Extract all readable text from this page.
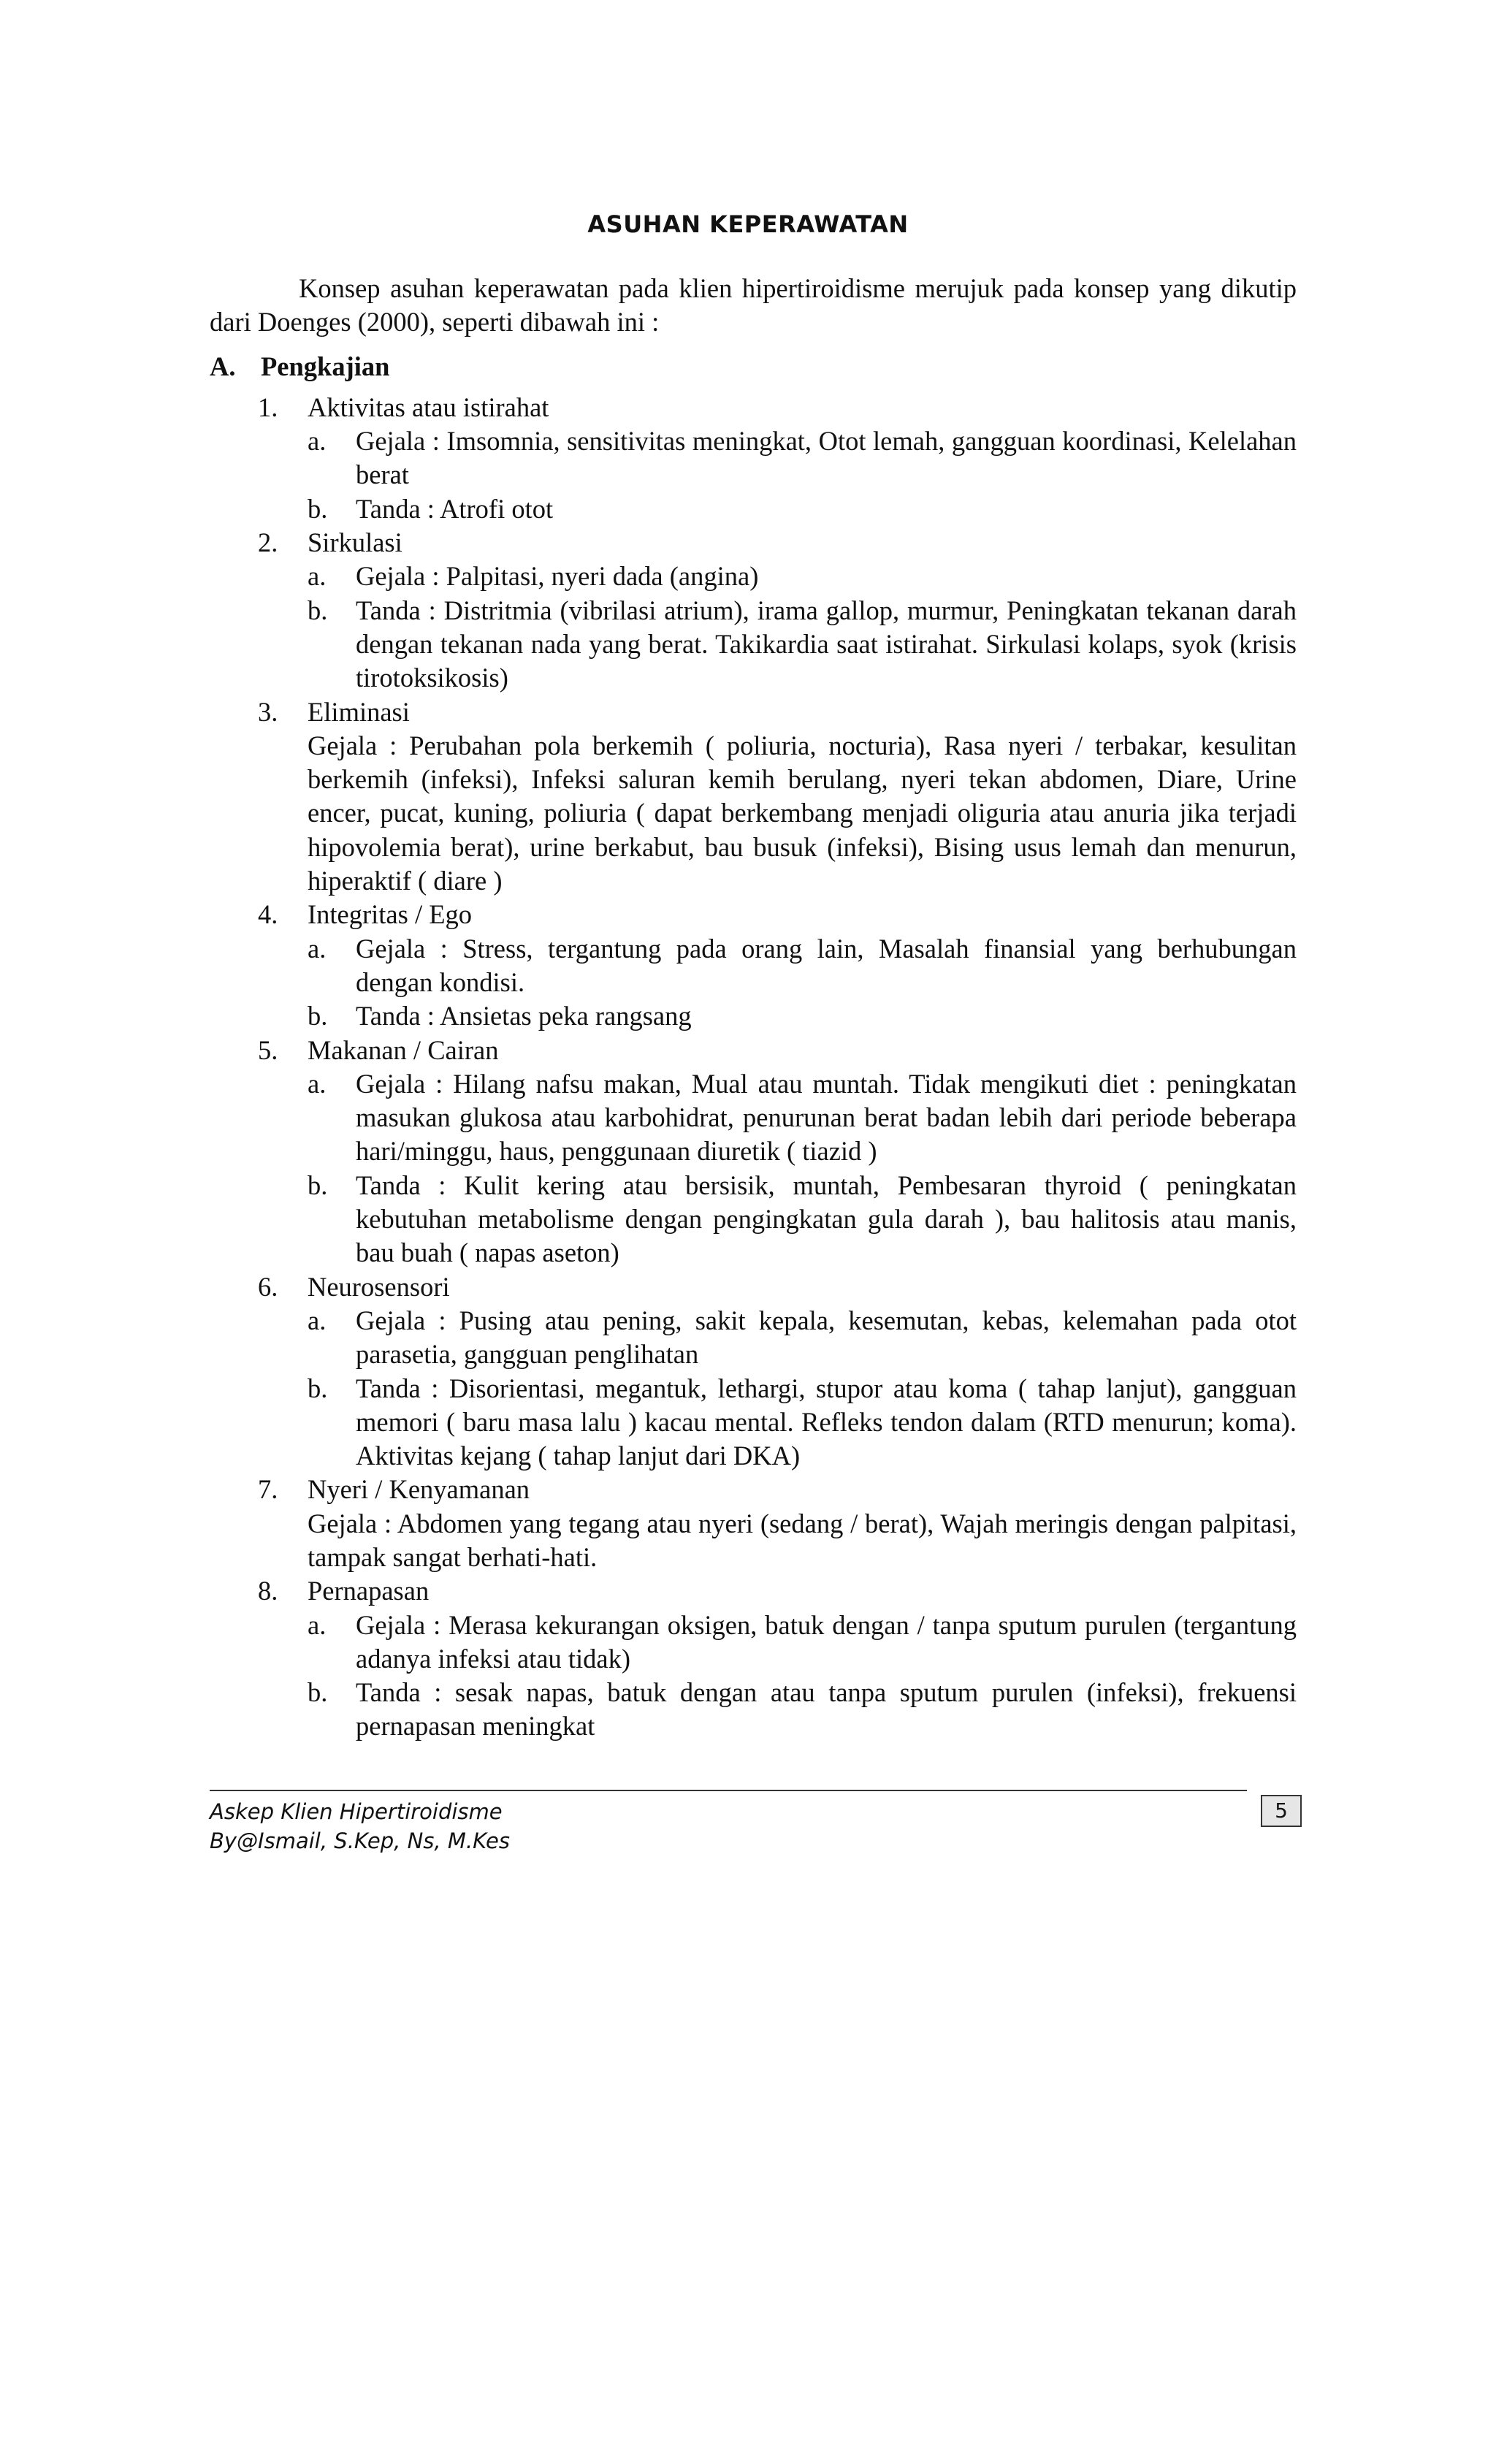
ASUHAN KEPERAWATAN

Konsep asuhan keperawatan pada klien hipertiroidisme merujuk pada konsep yang dikutip dari Doenges (2000), seperti dibawah ini :

A. Pengkajian
1. Aktivitas atau istirahat
a. Gejala : Imsomnia, sensitivitas meningkat, Otot lemah, gangguan koordinasi, Kelelahan berat
b. Tanda : Atrofi otot
2. Sirkulasi
a. Gejala : Palpitasi, nyeri dada (angina)
b. Tanda : Distritmia (vibrilasi atrium), irama gallop, murmur, Peningkatan tekanan darah dengan tekanan nada yang berat. Takikardia saat istirahat. Sirkulasi kolaps, syok (krisis tirotoksikosis)
3. Eliminasi
Gejala : Perubahan pola berkemih ( poliuria, nocturia), Rasa nyeri / terbakar, kesulitan berkemih (infeksi), Infeksi saluran kemih berulang, nyeri tekan abdomen, Diare, Urine encer, pucat, kuning, poliuria ( dapat berkembang menjadi oliguria atau anuria jika terjadi hipovolemia berat), urine berkabut, bau busuk (infeksi), Bising usus lemah dan menurun, hiperaktif ( diare )
4. Integritas / Ego
a. Gejala : Stress, tergantung pada orang lain, Masalah finansial yang berhubungan dengan kondisi.
b. Tanda : Ansietas peka rangsang
5. Makanan / Cairan
a. Gejala : Hilang nafsu makan, Mual atau muntah. Tidak mengikuti diet : peningkatan masukan glukosa atau karbohidrat, penurunan berat badan lebih dari periode beberapa hari/minggu, haus, penggunaan diuretik ( tiazid )
b. Tanda : Kulit kering atau bersisik, muntah, Pembesaran thyroid ( peningkatan kebutuhan metabolisme dengan pengingkatan gula darah ), bau halitosis atau manis, bau buah ( napas aseton)
6. Neurosensori
a. Gejala : Pusing atau pening, sakit kepala, kesemutan, kebas, kelemahan pada otot parasetia, gangguan penglihatan
b. Tanda : Disorientasi, megantuk, lethargi, stupor atau koma ( tahap lanjut), gangguan memori ( baru masa lalu ) kacau mental. Refleks tendon dalam (RTD menurun; koma). Aktivitas kejang ( tahap lanjut dari DKA)
7. Nyeri / Kenyamanan
Gejala : Abdomen yang tegang atau nyeri (sedang / berat), Wajah meringis dengan palpitasi, tampak sangat berhati-hati.
8. Pernapasan
a. Gejala : Merasa kekurangan oksigen, batuk dengan / tanpa sputum purulen (tergantung adanya infeksi atau tidak)
b. Tanda : sesak napas, batuk dengan atau tanpa sputum purulen (infeksi), frekuensi pernapasan meningkat
Askep Klien Hipertiroidisme
By@Ismail, S.Kep, Ns, M.Kes
5
